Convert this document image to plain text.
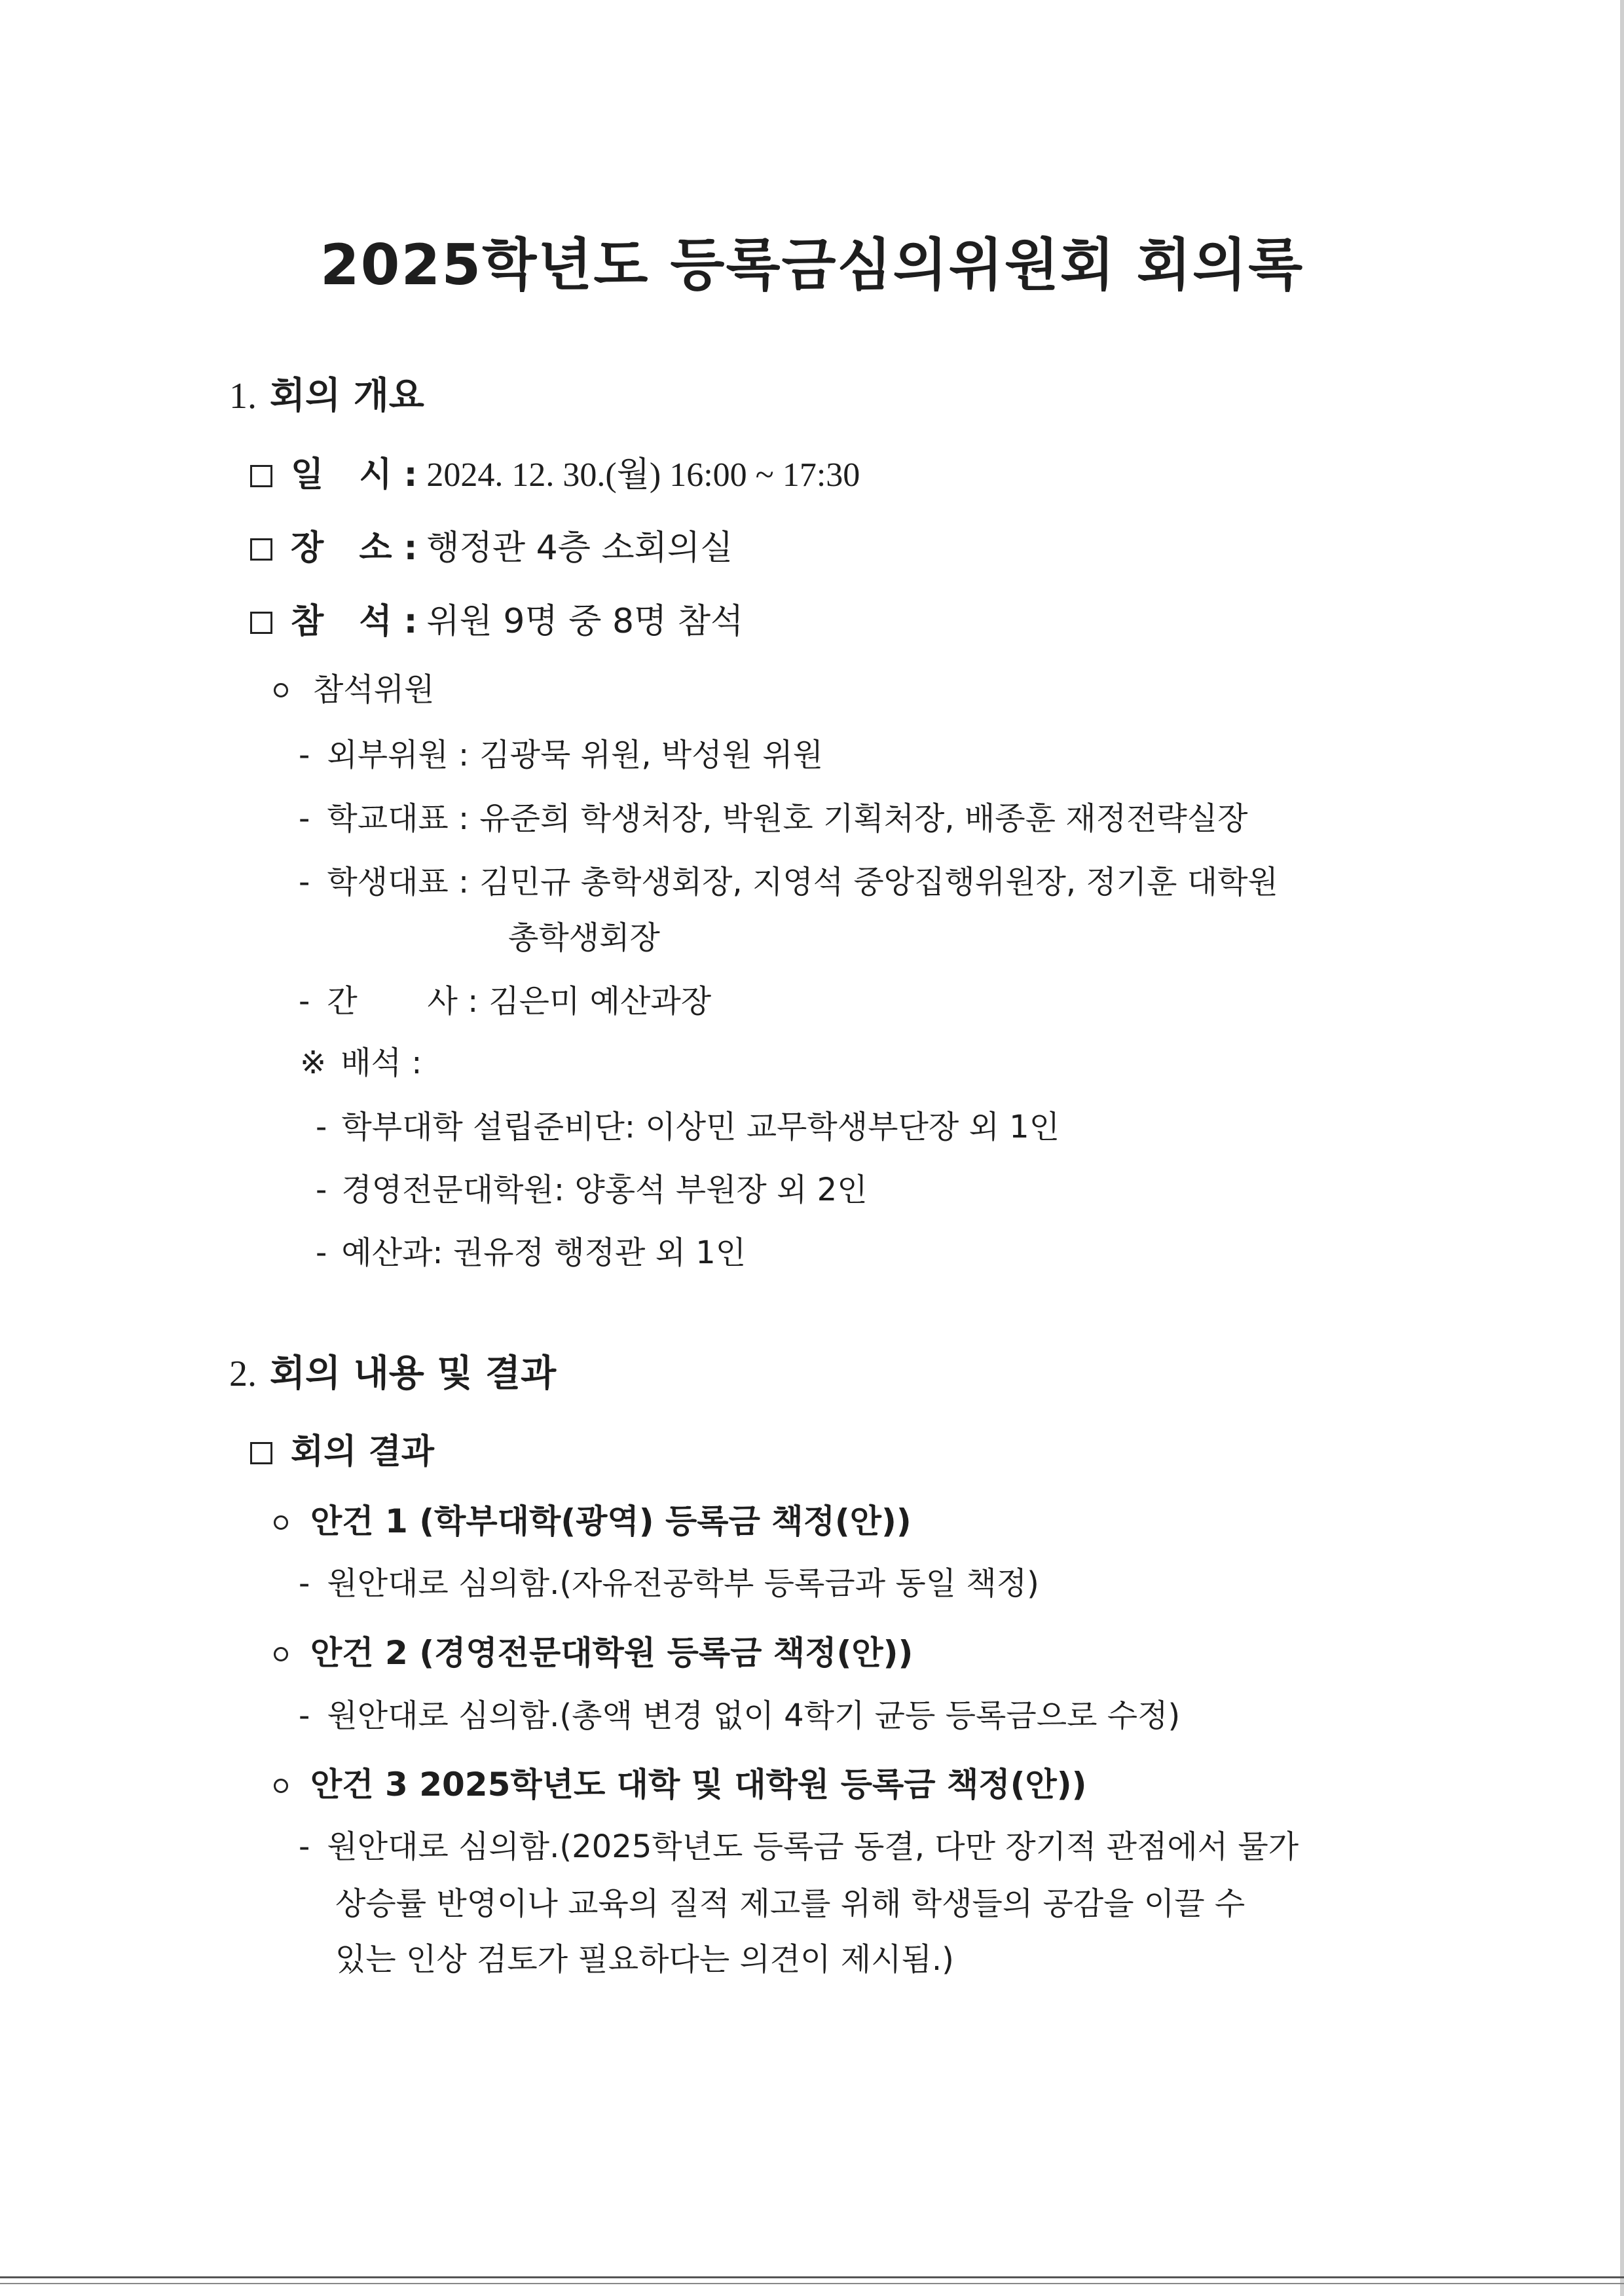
2025학년도 등록금심의위원회 회의록
1. 회의 개요
일 시: 2024. 12. 30.(월) 16:00 ~ 17:30
장 소: 행정관 4층 소회의실
참 석: 위원 9명 중 8명 참석
참석위원
- 외부위원 : 김광묵 위원, 박성원 위원
- 학교대표 : 유준희 학생처장, 박원호 기획처장, 배종훈 재정전략실장
- 학생대표 : 김민규 총학생회장, 지영석 중앙집행위원장, 정기훈 대학원
총학생회장
- 간       사 : 김은미 예산과장
※ 배석 :
- 학부대학 설립준비단: 이상민 교무학생부단장 외 1인
- 경영전문대학원: 양홍석 부원장 외 2인
- 예산과: 권유정 행정관 외 1인
2. 회의 내용 및 결과
회의 결과
안건 1 (학부대학(광역) 등록금 책정(안))
- 원안대로 심의함.(자유전공학부 등록금과 동일 책정)
안건 2 (경영전문대학원 등록금 책정(안))
- 원안대로 심의함.(총액 변경 없이 4학기 균등 등록금으로 수정)
안건 3 2025학년도 대학 및 대학원 등록금 책정(안))
- 원안대로 심의함.(2025학년도 등록금 동결, 다만 장기적 관점에서 물가
상승률 반영이나 교육의 질적 제고를 위해 학생들의 공감을 이끌 수
있는 인상 검토가 필요하다는 의견이 제시됨.)
